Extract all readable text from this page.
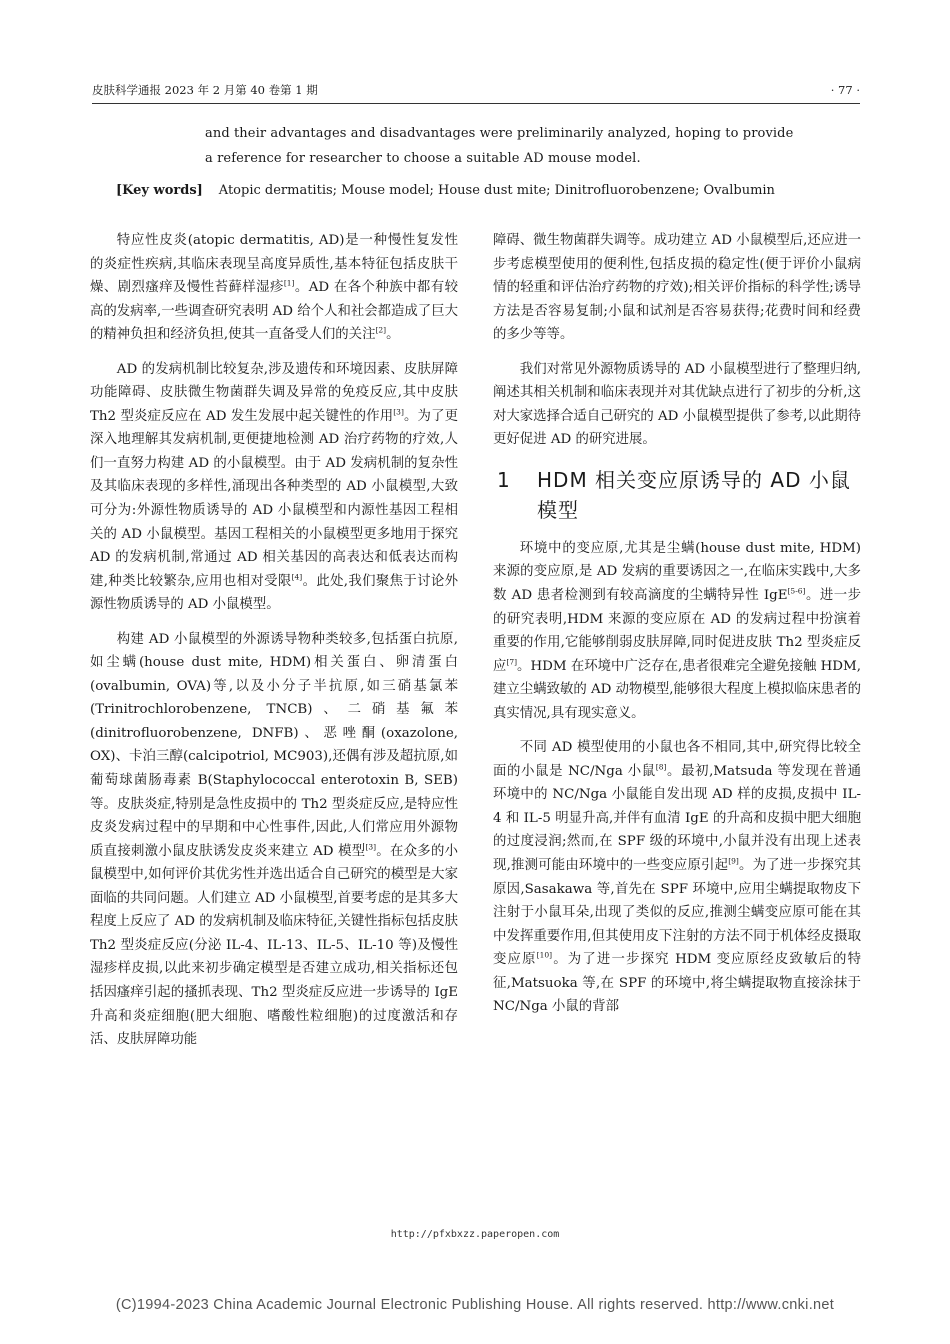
皮肤科学通报 2023 年 2 月第 40 卷第 1 期	· 77 ·

and their advantages and disadvantages were preliminarily analyzed, hoping to provide

a reference for researcher to choose a suitable AD mouse model.

[Key words] Atopic dermatitis; Mouse model; House dust mite; Dinitrofluorobenzene; Ovalbumin

特应性皮炎(atopic dermatitis, AD)是一种慢性复发性的炎症性疾病,其临床表现呈高度异质性,基本特征包括皮肤干燥、剧烈瘙痒及慢性苔藓样湿疹[1]。AD 在各个种族中都有较高的发病率,一些调查研究表明 AD 给个人和社会都造成了巨大的精神负担和经济负担,使其一直备受人们的关注[2]。

AD 的发病机制比较复杂,涉及遗传和环境因素、皮肤屏障功能障碍、皮肤微生物菌群失调及异常的免疫反应,其中皮肤 Th2 型炎症反应在 AD 发生发展中起关键性的作用[3]。为了更深入地理解其发病机制,更便捷地检测 AD 治疗药物的疗效,人们一直努力构建 AD 的小鼠模型。由于 AD 发病机制的复杂性及其临床表现的多样性,涌现出各种类型的 AD 小鼠模型,大致可分为:外源性物质诱导的 AD 小鼠模型和内源性基因工程相关的 AD 小鼠模型。基因工程相关的小鼠模型更多地用于探究 AD 的发病机制,常通过 AD 相关基因的高表达和低表达而构建,种类比较繁杂,应用也相对受限[4]。此处,我们聚焦于讨论外源性物质诱导的 AD 小鼠模型。

构建 AD 小鼠模型的外源诱导物种类较多,包括蛋白抗原,如尘螨(house dust mite, HDM)相关蛋白、卵清蛋白(ovalbumin, OVA)等,以及小分子半抗原,如三硝基氯苯(Trinitrochlorobenzene, TNCB)、二硝基氟苯(dinitrofluorobenzene, DNFB)、恶唑酮(oxazolone, OX)、卡泊三醇(calcipotriol, MC903),还偶有涉及超抗原,如葡萄球菌肠毒素 B(Staphylococcal enterotoxin B, SEB)等。皮肤炎症,特别是急性皮损中的 Th2 型炎症反应,是特应性皮炎发病过程中的早期和中心性事件,因此,人们常应用外源物质直接刺激小鼠皮肤诱发皮炎来建立 AD 模型[3]。在众多的小鼠模型中,如何评价其优劣性并选出适合自己研究的模型是大家面临的共同问题。人们建立 AD 小鼠模型,首要考虑的是其多大程度上反应了 AD 的发病机制及临床特征,关键性指标包括皮肤 Th2 型炎症反应(分泌 IL-4、IL-13、IL-5、IL-10 等)及慢性湿疹样皮损,以此来初步确定模型是否建立成功,相关指标还包括因瘙痒引起的搔抓表现、Th2 型炎症反应进一步诱导的 IgE 升高和炎症细胞(肥大细胞、嗜酸性粒细胞)的过度激活和存活、皮肤屏障功能

障碍、微生物菌群失调等。成功建立 AD 小鼠模型后,还应进一步考虑模型使用的便利性,包括皮损的稳定性(便于评价小鼠病情的轻重和评估治疗药物的疗效);相关评价指标的科学性;诱导方法是否容易复制;小鼠和试剂是否容易获得;花费时间和经费的多少等等。

我们对常见外源物质诱导的 AD 小鼠模型进行了整理归纳,阐述其相关机制和临床表现并对其优缺点进行了初步的分析,这对大家选择合适自己研究的 AD 小鼠模型提供了参考,以此期待更好促进 AD 的研究进展。

1	HDM 相关变应原诱导的 AD 小鼠模型

环境中的变应原,尤其是尘螨(house dust mite, HDM)来源的变应原,是 AD 发病的重要诱因之一,在临床实践中,大多数 AD 患者检测到有较高滴度的尘螨特异性 IgE[5-6]。进一步的研究表明,HDM 来源的变应原在 AD 的发病过程中扮演着重要的作用,它能够削弱皮肤屏障,同时促进皮肤 Th2 型炎症反应[7]。HDM 在环境中广泛存在,患者很难完全避免接触 HDM,建立尘螨致敏的 AD 动物模型,能够很大程度上模拟临床患者的真实情况,具有现实意义。

不同 AD 模型使用的小鼠也各不相同,其中,研究得比较全面的小鼠是 NC/Nga 小鼠[8]。最初,Matsuda 等发现在普通环境中的 NC/Nga 小鼠能自发出现 AD 样的皮损,皮损中 IL-4 和 IL-5 明显升高,并伴有血清 IgE 的升高和皮损中肥大细胞的过度浸润;然而,在 SPF 级的环境中,小鼠并没有出现上述表现,推测可能由环境中的一些变应原引起[9]。为了进一步探究其原因,Sasakawa 等,首先在 SPF 环境中,应用尘螨提取物皮下注射于小鼠耳朵,出现了类似的反应,推测尘螨变应原可能在其中发挥重要作用,但其使用皮下注射的方法不同于机体经皮摄取变应原[10]。为了进一步探究 HDM 变应原经皮致敏后的特征,Matsuoka 等,在 SPF 的环境中,将尘螨提取物直接涂抹于 NC/Nga 小鼠的背部

http://pfxbxzz.paperopen.com
(C)1994-2023 China Academic Journal Electronic Publishing House. All rights reserved. http://www.cnki.net
